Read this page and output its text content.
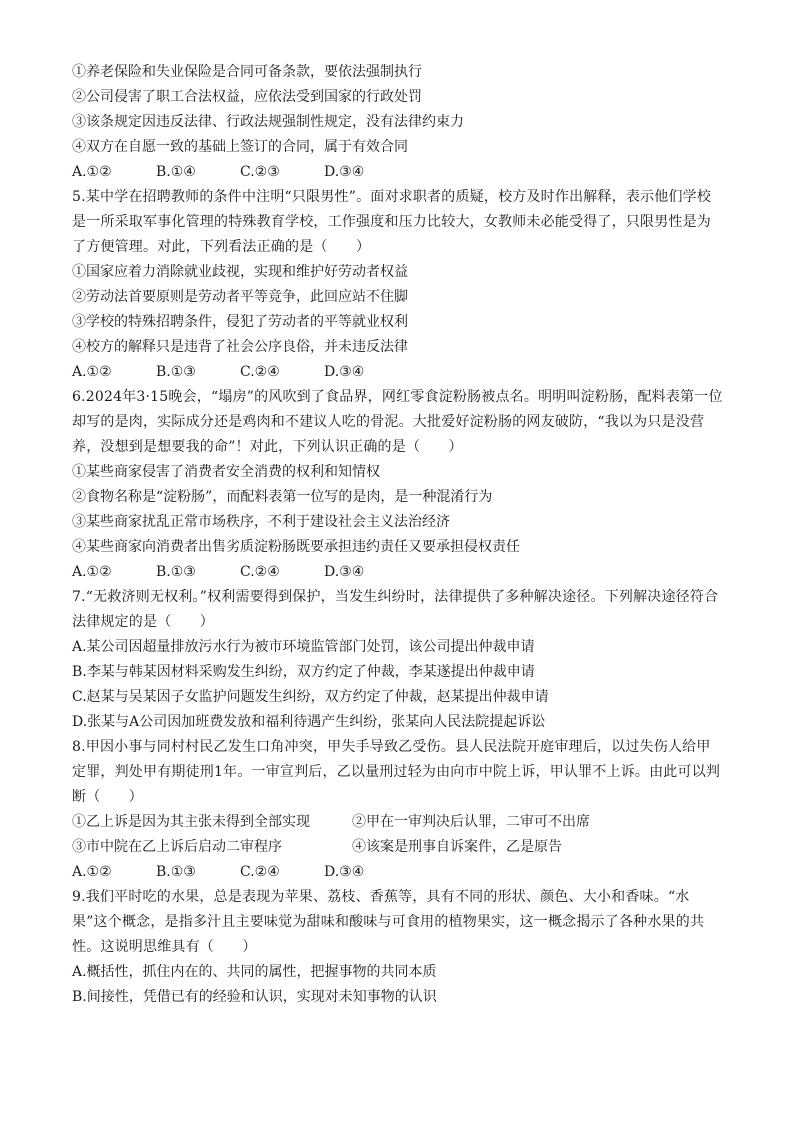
①养老保险和失业保险是合同可备条款，要依法强制执行
②公司侵害了职工合法权益，应依法受到国家的行政处罚
③该条规定因违反法律、行政法规强制性规定，没有法律约束力
④双方在自愿一致的基础上签订的合同，属于有效合同
A.①②	B.①④	C.②③	D.③④
5.某中学在招聘教师的条件中注明“只限男性”。面对求职者的质疑，校方及时作出解释，表示他们学校是一所采取军事化管理的特殊教育学校，工作强度和压力比较大，女教师未必能受得了，只限男性是为了方便管理。对此，下列看法正确的是（　　）
①国家应着力消除就业歧视，实现和维护好劳动者权益
②劳动法首要原则是劳动者平等竞争，此回应站不住脚
③学校的特殊招聘条件，侵犯了劳动者的平等就业权利
④校方的解释只是违背了社会公序良俗，并未违反法律
A.①②	B.①③	C.②④	D.③④
6.2024年3·15晚会，“塌房”的风吹到了食品界，网红零食淀粉肠被点名。明明叫淀粉肠，配料表第一位却写的是肉，实际成分还是鸡肉和不建议人吃的骨泥。大批爱好淀粉肠的网友破防，“我以为只是没营养，没想到是想要我的命”！对此，下列认识正确的是（　　）
①某些商家侵害了消费者安全消费的权利和知情权
②食物名称是“淀粉肠”，而配料表第一位写的是肉，是一种混淆行为
③某些商家扰乱正常市场秩序，不利于建设社会主义法治经济
④某些商家向消费者出售劣质淀粉肠既要承担违约责任又要承担侵权责任
A.①②	B.①③	C.②④	D.③④
7.“无救济则无权利。”权利需要得到保护，当发生纠纷时，法律提供了多种解决途径。下列解决途径符合法律规定的是（　　）
A.某公司因超量排放污水行为被市环境监管部门处罚，该公司提出仲裁申请
B.李某与韩某因材料采购发生纠纷，双方约定了仲裁，李某遂提出仲裁申请
C.赵某与吴某因子女监护问题发生纠纷，双方约定了仲裁，赵某提出仲裁申请
D.张某与A公司因加班费发放和福利待遇产生纠纷，张某向人民法院提起诉讼
8.甲因小事与同村村民乙发生口角冲突，甲失手导致乙受伤。县人民法院开庭审理后，以过失伤人给甲定罪，判处甲有期徒刑1年。一审宣判后，乙以量刑过轻为由向市中院上诉，甲认罪不上诉。由此可以判断（　　）
①乙上诉是因为其主张未得到全部实现	②甲在一审判决后认罪，二审可不出席
③市中院在乙上诉后启动二审程序	④该案是刑事自诉案件，乙是原告
A.①②	B.①③	C.②④	D.③④
9.我们平时吃的水果，总是表现为苹果、荔枝、香蕉等，具有不同的形状、颜色、大小和香味。“水果”这个概念，是指多汁且主要味觉为甜味和酸味与可食用的植物果实，这一概念揭示了各种水果的共性。这说明思维具有（　　）
A.概括性，抓住内在的、共同的属性，把握事物的共同本质
B.间接性，凭借已有的经验和认识，实现对未知事物的认识
